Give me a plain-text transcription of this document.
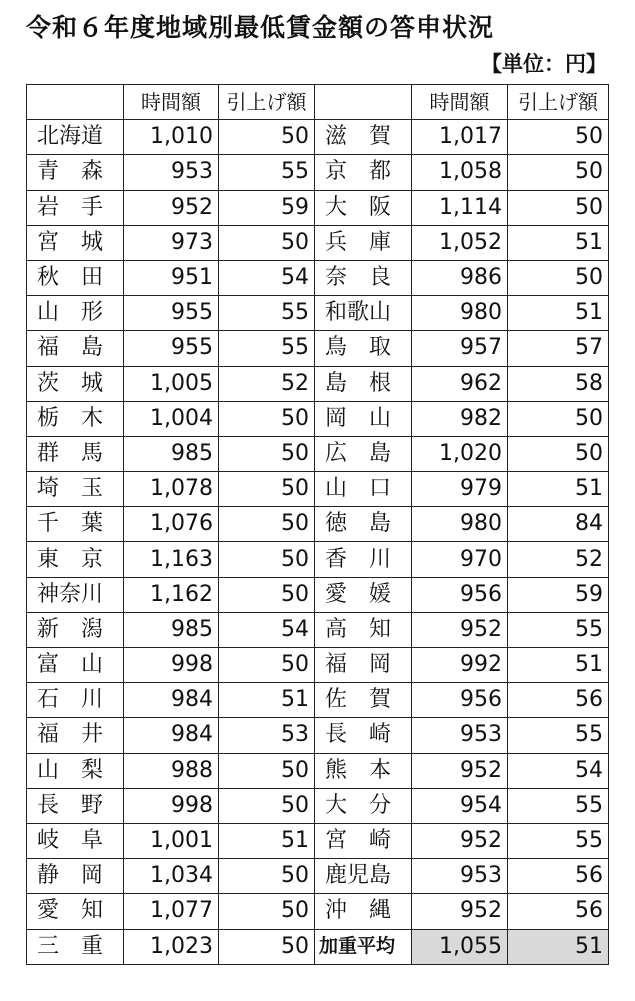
令和６年度地域別最低賃金額の答申状況
【単位：円】
	時間額	引上げ額		時間額	引上げ額
北海道	1,010	50	滋　賀	1,017	50
青　森	953	55	京　都	1,058	50
岩　手	952	59	大　阪	1,114	50
宮　城	973	50	兵　庫	1,052	51
秋　田	951	54	奈　良	986	50
山　形	955	55	和歌山	980	51
福　島	955	55	鳥　取	957	57
茨　城	1,005	52	島　根	962	58
栃　木	1,004	50	岡　山	982	50
群　馬	985	50	広　島	1,020	50
埼　玉	1,078	50	山　口	979	51
千　葉	1,076	50	徳　島	980	84
東　京	1,163	50	香　川	970	52
神奈川	1,162	50	愛　媛	956	59
新　潟	985	54	高　知	952	55
富　山	998	50	福　岡	992	51
石　川	984	51	佐　賀	956	56
福　井	984	53	長　崎	953	55
山　梨	988	50	熊　本	952	54
長　野	998	50	大　分	954	55
岐　阜	1,001	51	宮　崎	952	55
静　岡	1,034	50	鹿児島	953	56
愛　知	1,077	50	沖　縄	952	56
三　重	1,023	50	加重平均	1,055	51
